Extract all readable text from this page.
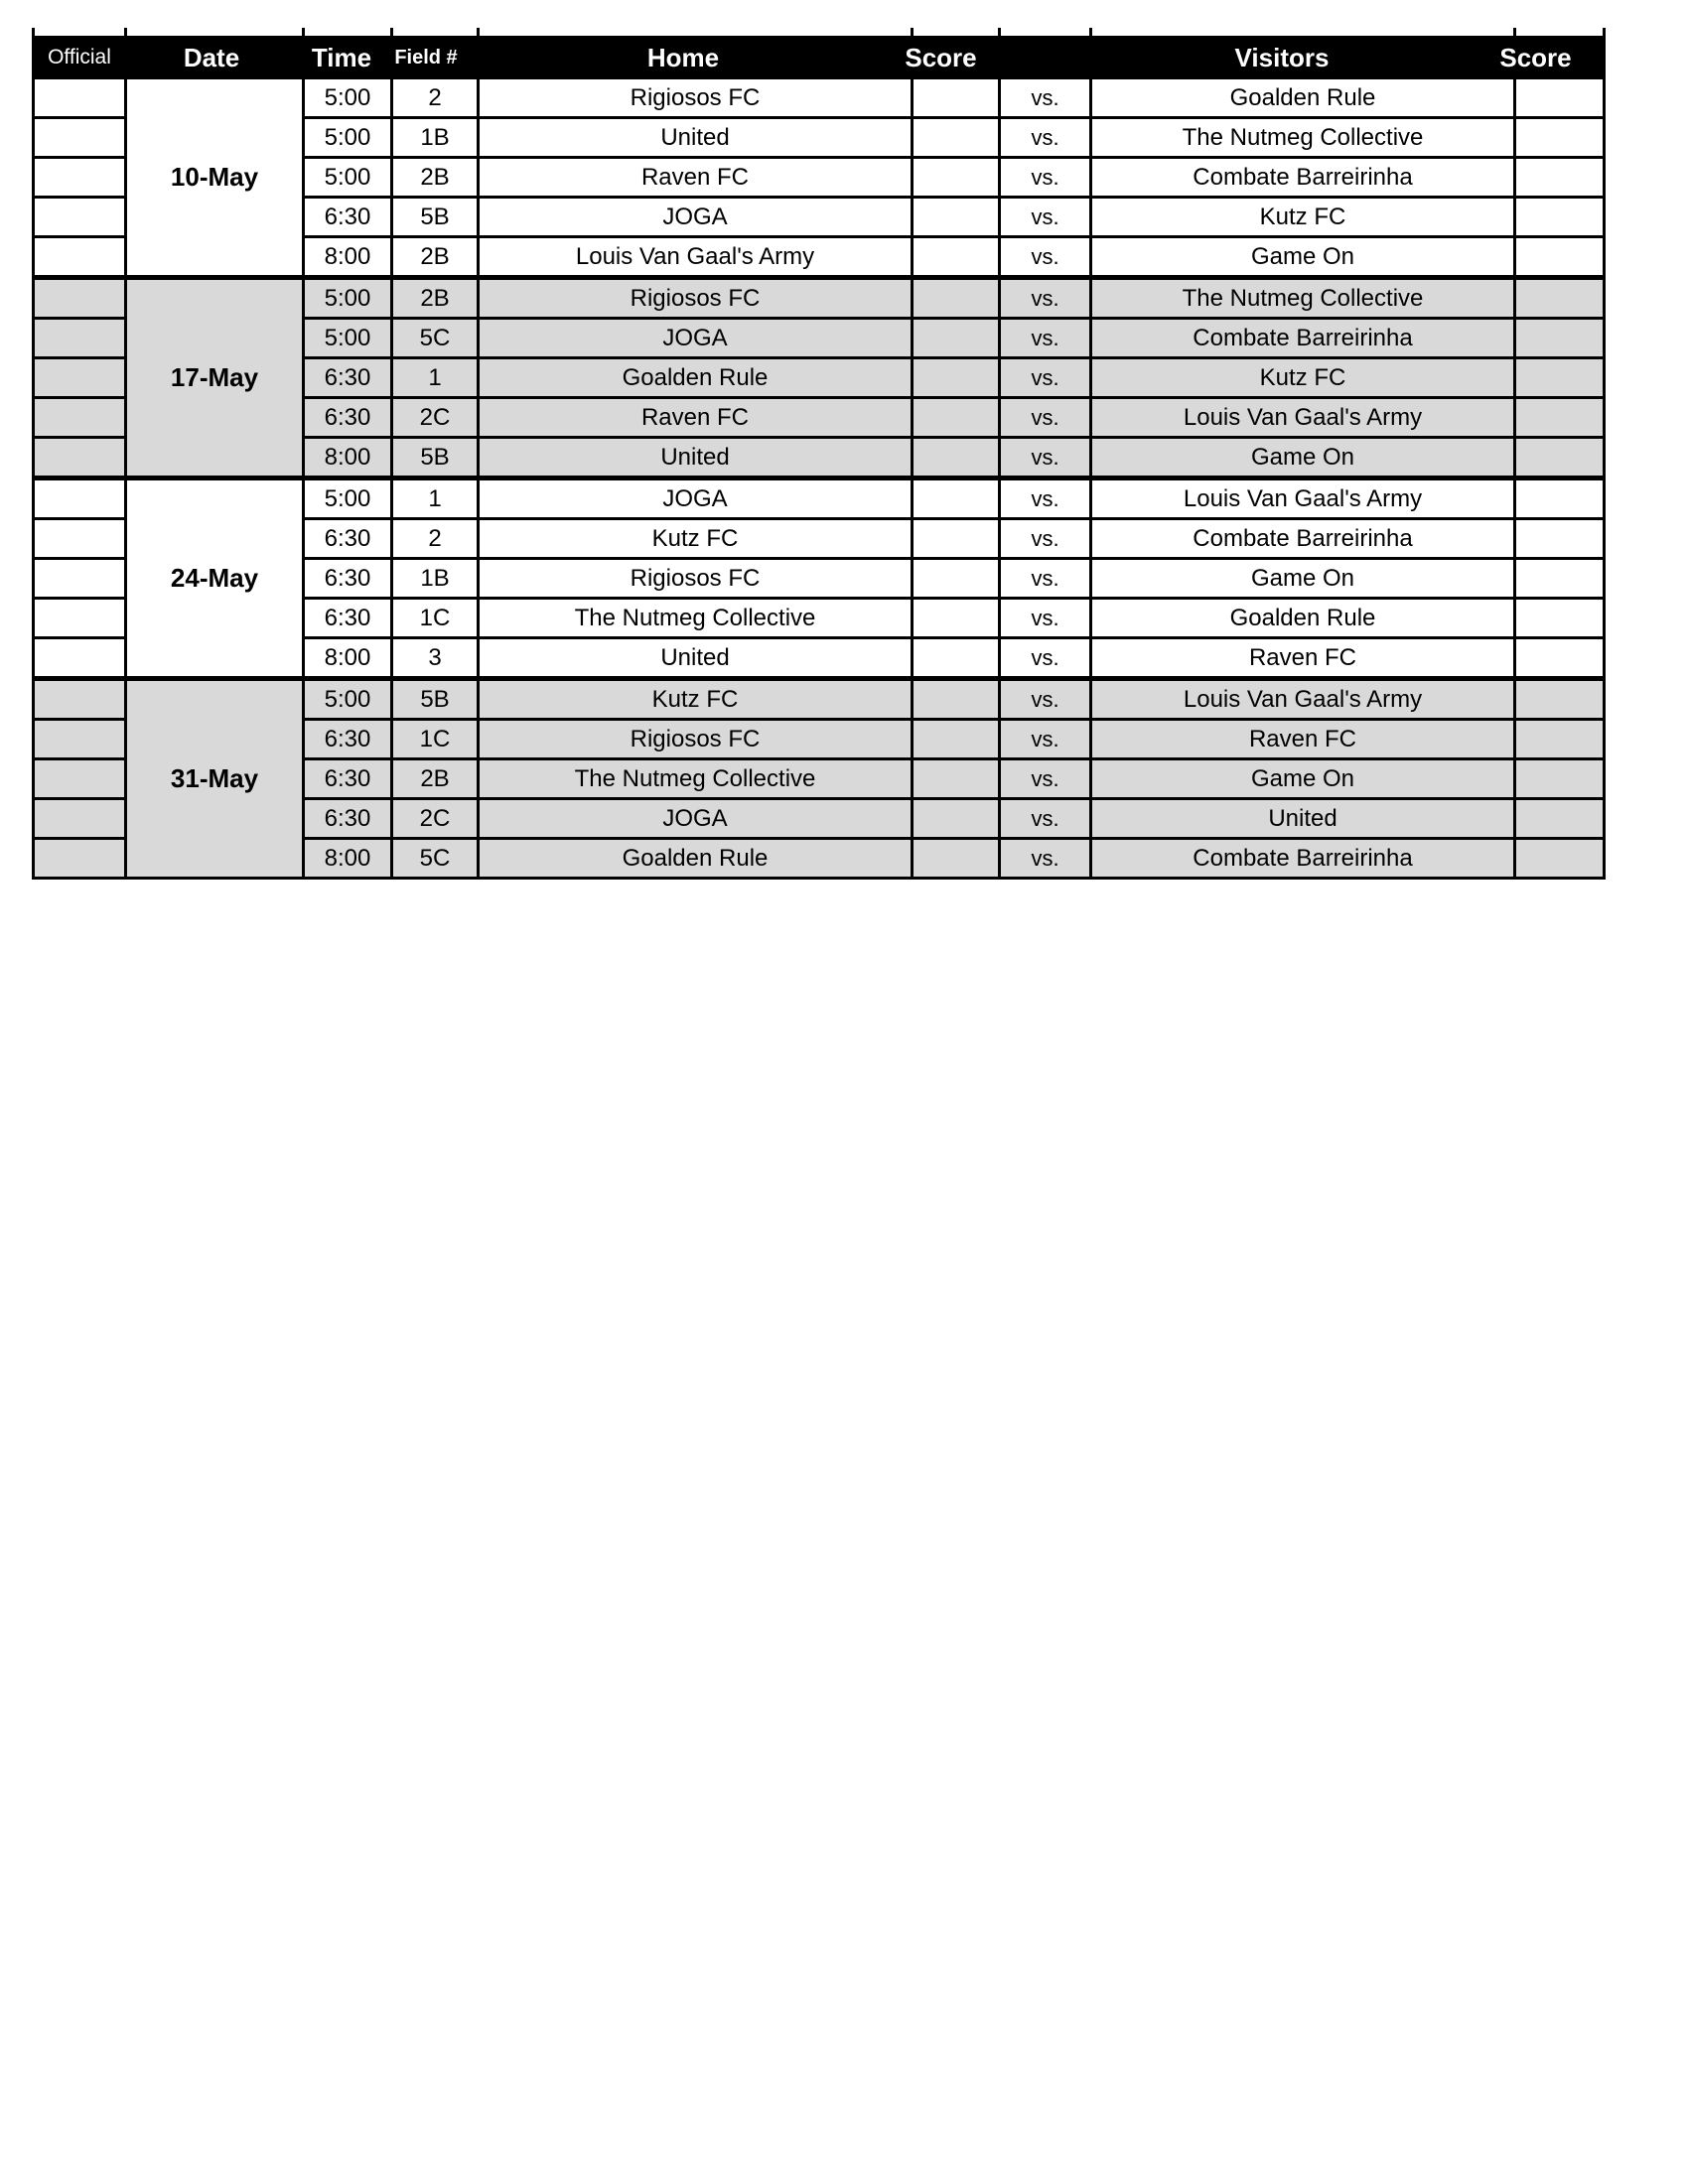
Official	Date	Time	Field #	Home	Score	Visitors	Score
10-May
5:00	2	Rigiosos FC	vs.	Goalden Rule
5:00	1B	United	vs.	The Nutmeg Collective
5:00	2B	Raven FC	vs.	Combate Barreirinha
6:30	5B	JOGA	vs.	Kutz FC
8:00	2B	Louis Van Gaal's Army	vs.	Game On
17-May
5:00	2B	Rigiosos FC	vs.	The Nutmeg Collective
5:00	5C	JOGA	vs.	Combate Barreirinha
6:30	1	Goalden Rule	vs.	Kutz FC
6:30	2C	Raven FC	vs.	Louis Van Gaal's Army
8:00	5B	United	vs.	Game On
24-May
5:00	1	JOGA	vs.	Louis Van Gaal's Army
6:30	2	Kutz FC	vs.	Combate Barreirinha
6:30	1B	Rigiosos FC	vs.	Game On
6:30	1C	The Nutmeg Collective	vs.	Goalden Rule
8:00	3	United	vs.	Raven FC
31-May
5:00	5B	Kutz FC	vs.	Louis Van Gaal's Army
6:30	1C	Rigiosos FC	vs.	Raven FC
6:30	2B	The Nutmeg Collective	vs.	Game On
6:30	2C	JOGA	vs.	United
8:00	5C	Goalden Rule	vs.	Combate Barreirinha
